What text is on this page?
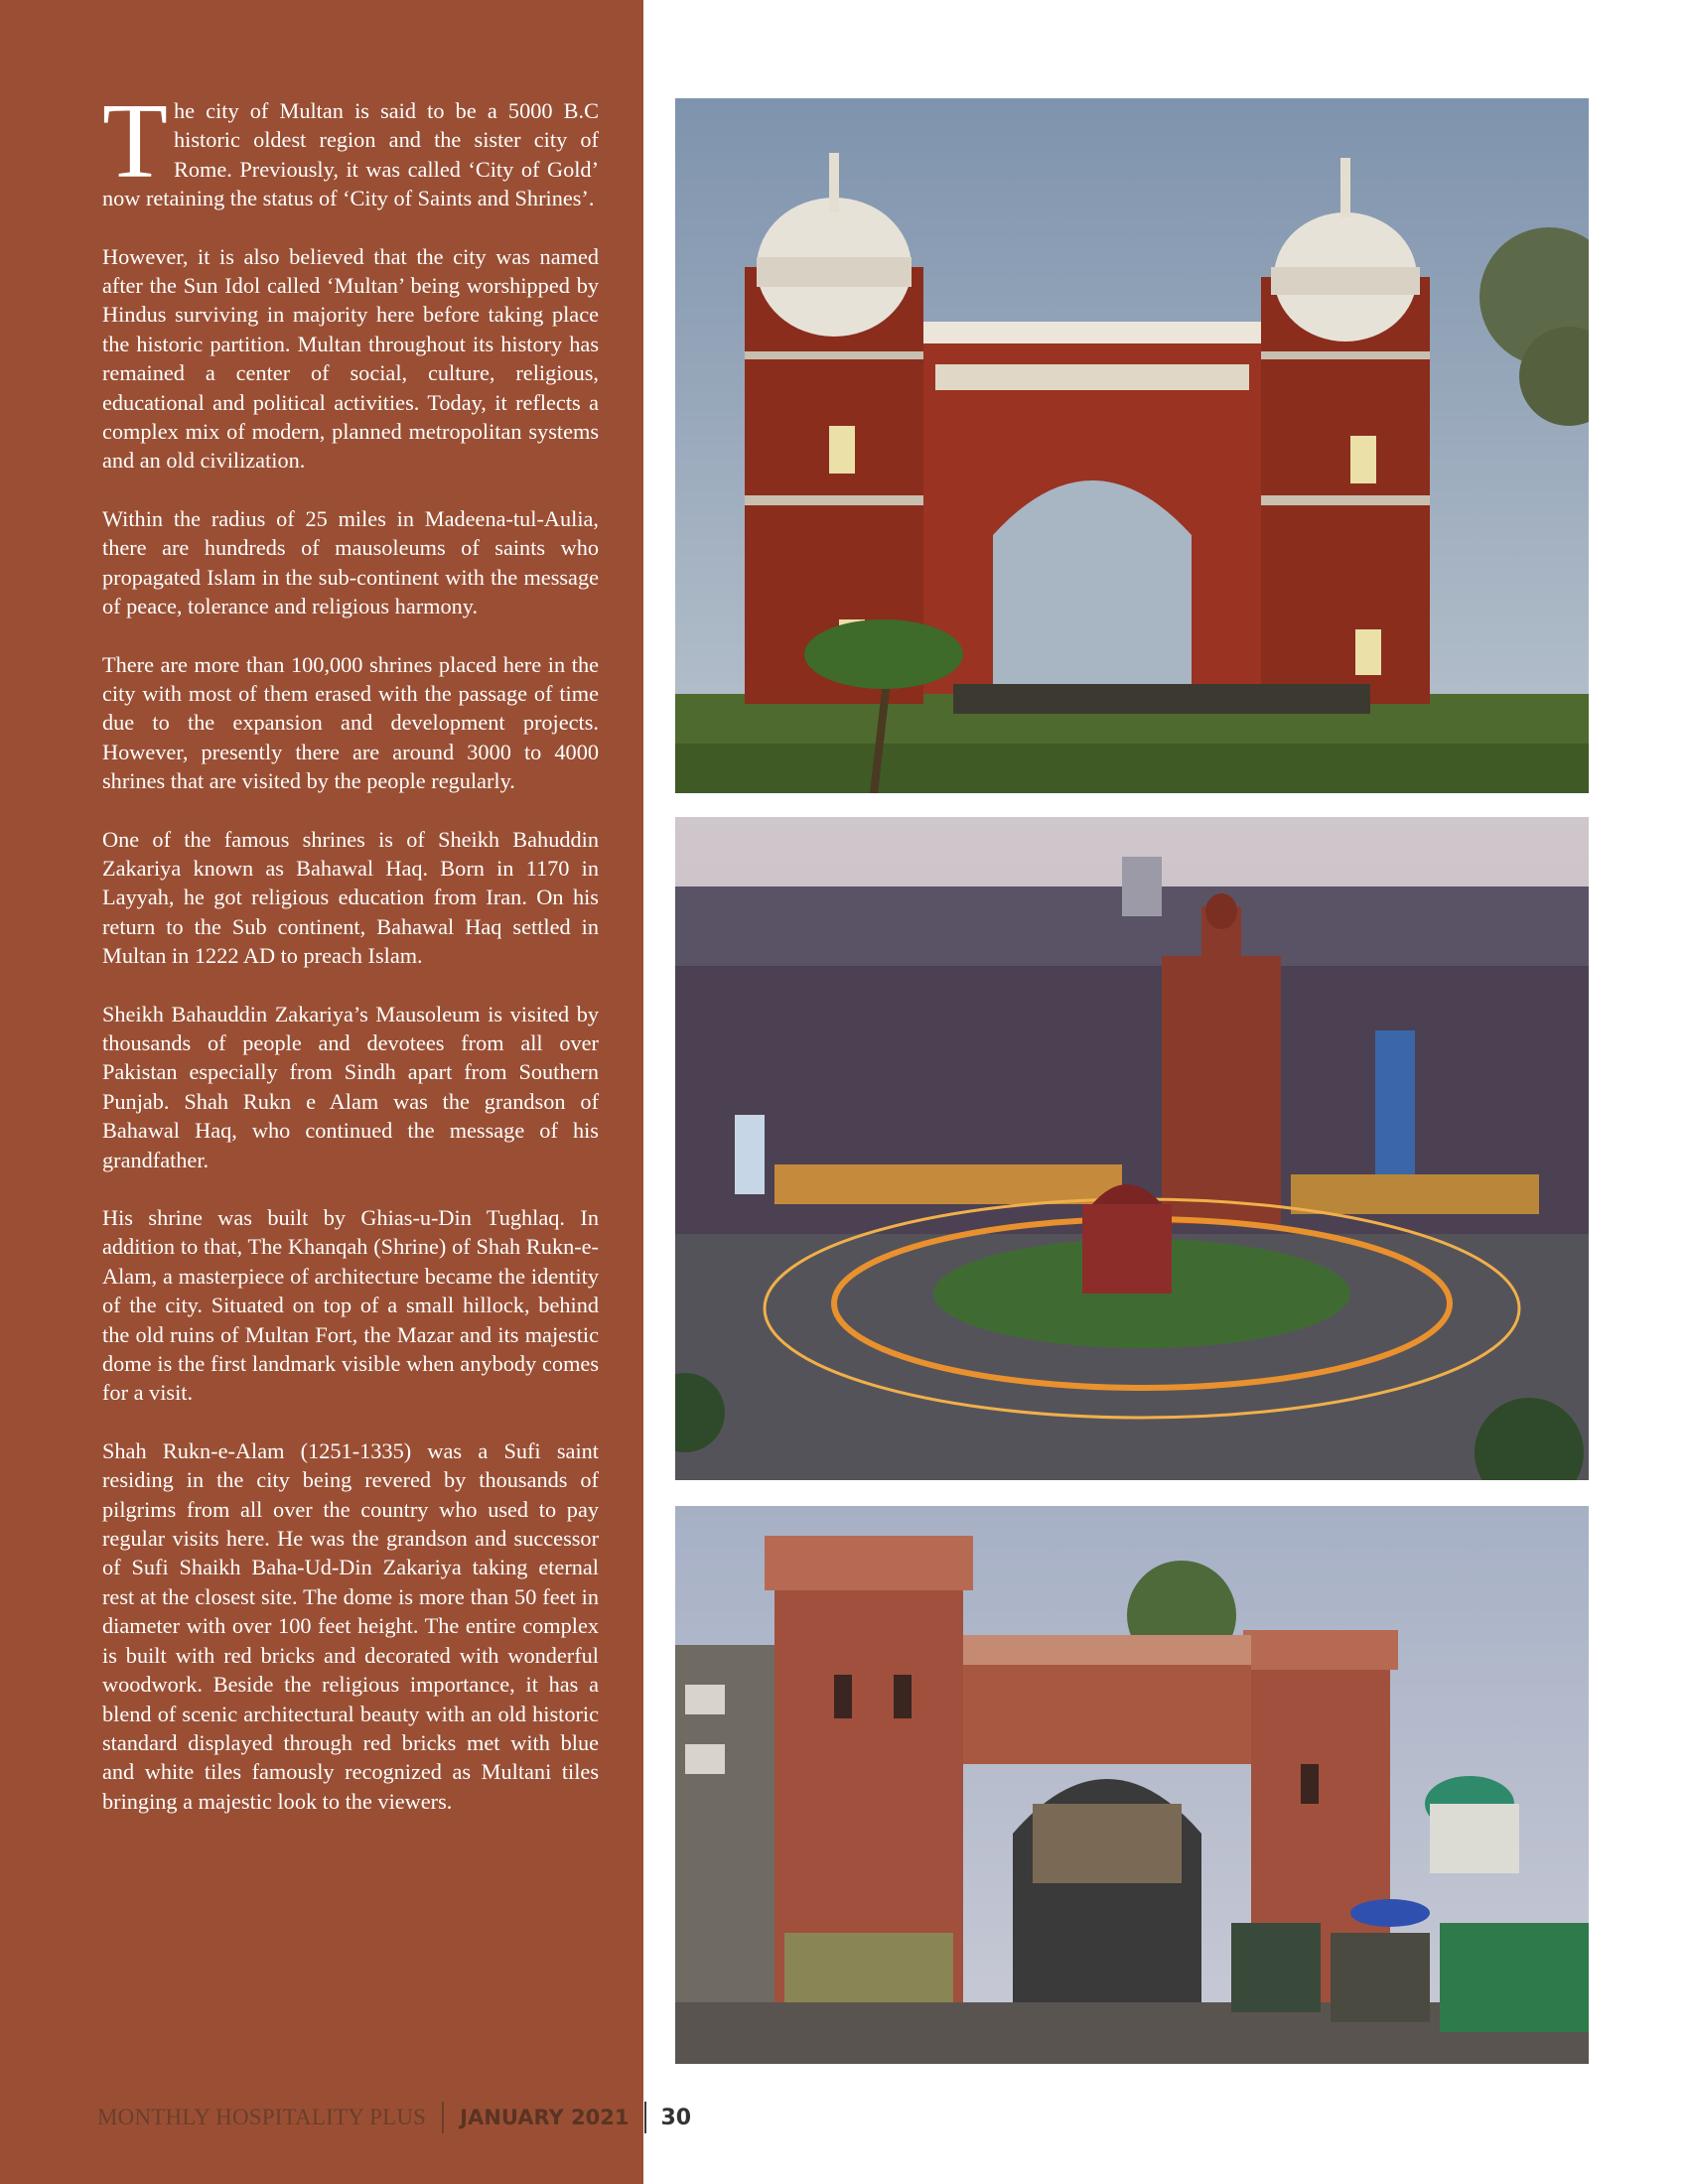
The city of Multan is said to be a 5000 B.C historic oldest region and the sister city of Rome. Previously, it was called ‘City of Gold’ now retaining the status of ‘City of Saints and Shrines’.

However, it is also believed that the city was named after the Sun Idol called ‘Multan’ being worshipped by Hindus surviving in majority here before taking place the historic partition. Multan throughout its history has remained a center of social, culture, religious, educational and political activities. Today, it reflects a complex mix of modern, planned metropolitan systems and an old civilization.

Within the radius of 25 miles in Madeena-tul-Aulia, there are hundreds of mausoleums of saints who propagated Islam in the sub-continent with the message of peace, tolerance and religious harmony.

There are more than 100,000 shrines placed here in the city with most of them erased with the passage of time due to the expansion and development projects. However, presently there are around 3000 to 4000 shrines that are visited by the people regularly.

One of the famous shrines is of Sheikh Bahuddin Zakariya known as Bahawal Haq. Born in 1170 in Layyah, he got religious education from Iran. On his return to the Sub continent, Bahawal Haq settled in Multan in 1222 AD to preach Islam.

Sheikh Bahauddin Zakariya’s Mausoleum is visited by thousands of people and devotees from all over Pakistan especially from Sindh apart from Southern Punjab. Shah Rukn e Alam was the grandson of Bahawal Haq, who continued the message of his grandfather.

His shrine was built by Ghias-u-Din Tughlaq. In addition to that, The Khanqah (Shrine) of Shah Rukn-e-Alam, a masterpiece of architecture became the identity of the city. Situated on top of a small hillock, behind the old ruins of Multan Fort, the Mazar and its majestic dome is the first landmark visible when anybody comes for a visit.

Shah Rukn-e-Alam (1251-1335) was a Sufi saint residing in the city being revered by thousands of pilgrims from all over the country who used to pay regular visits here. He was the grandson and successor of Sufi Shaikh Baha-Ud-Din Zakariya taking eternal rest at the closest site. The dome is more than 50 feet in diameter with over 100 feet height. The entire complex is built with red bricks and decorated with wonderful woodwork. Beside the religious importance, it has a blend of scenic architectural beauty with an old historic standard displayed through red bricks met with blue and white tiles famously recognized as Multani tiles bringing a majestic look to the viewers.

MONTHLY HOSPITALITY PLUS JANUARY 2021 30
